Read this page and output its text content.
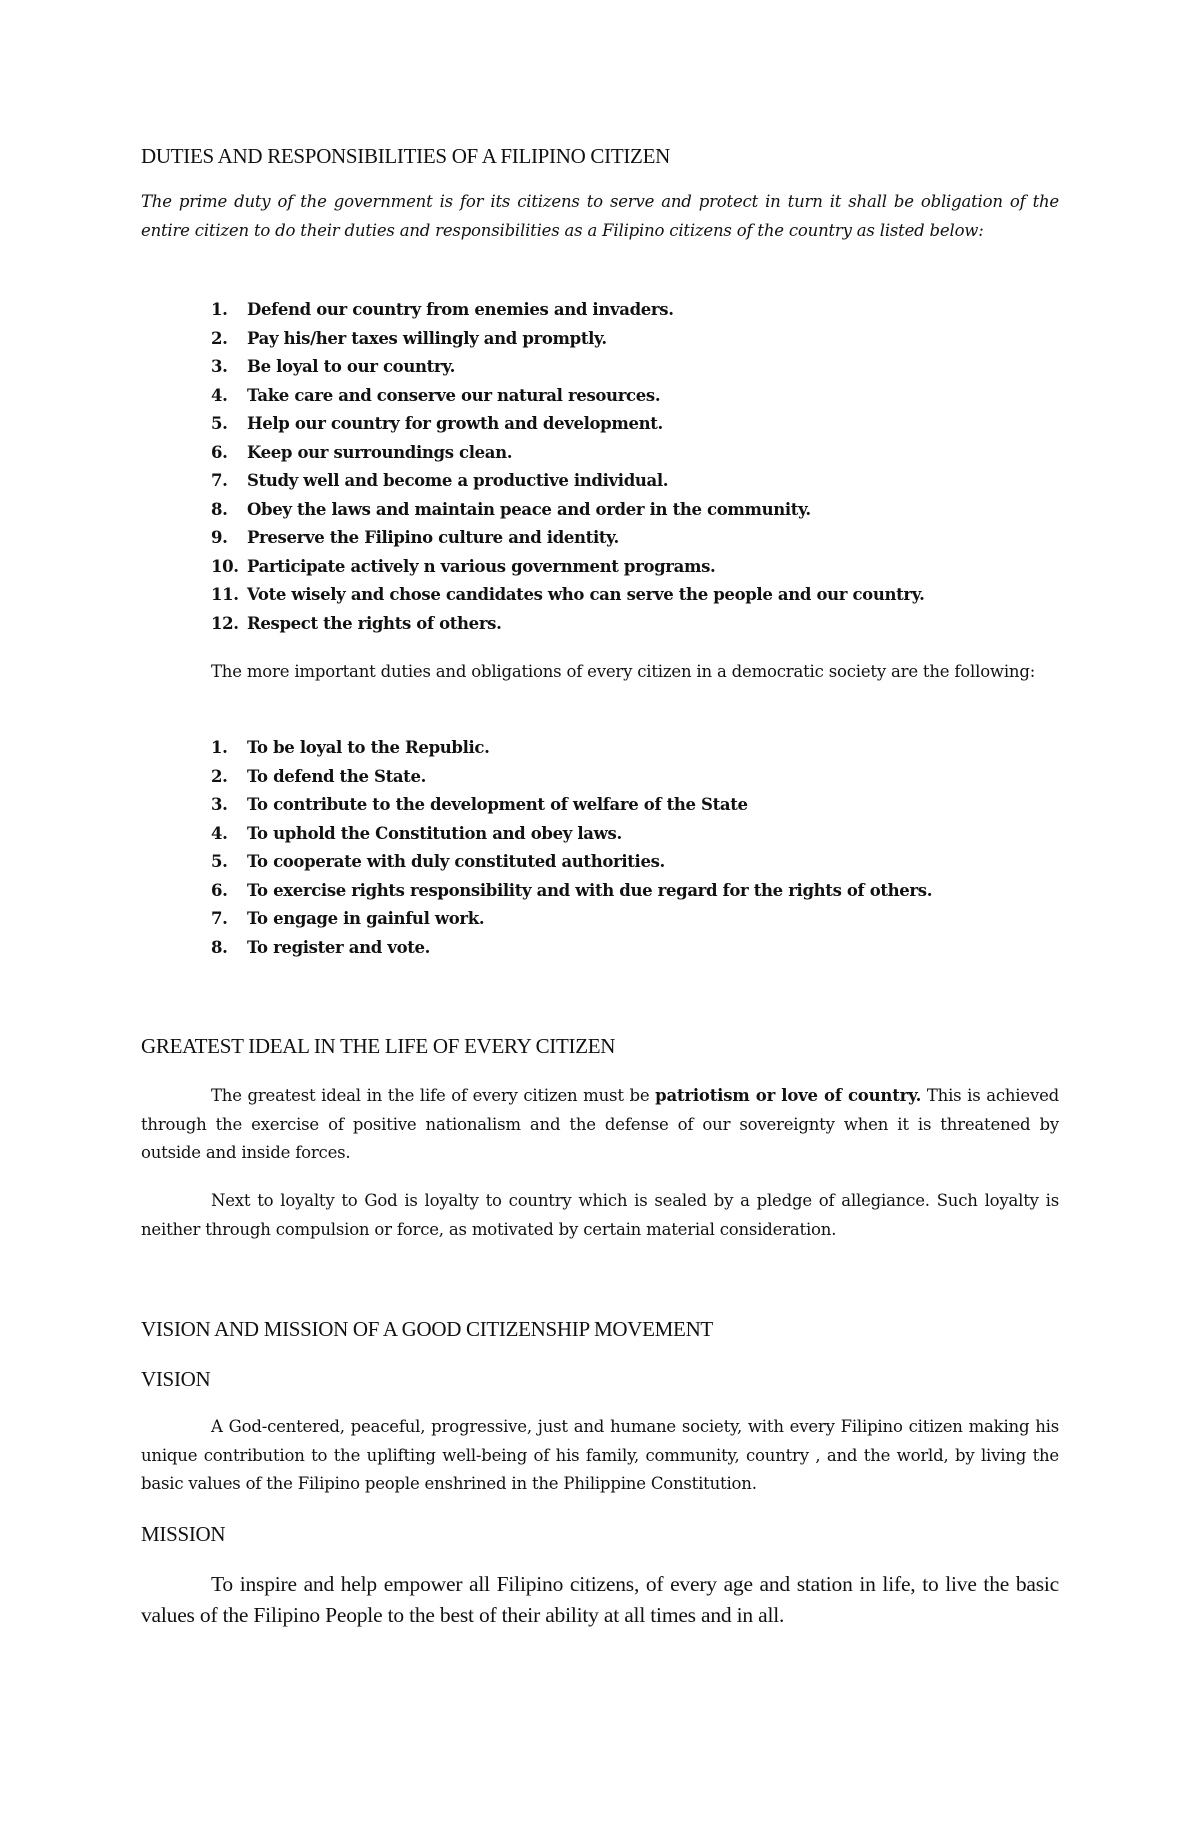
DUTIES AND RESPONSIBILITIES OF A FILIPINO CITIZEN
The prime duty of the government is for its citizens to serve and protect in turn it shall be obligation of the entire citizen to do their duties and responsibilities as a Filipino citizens of the country as listed below:
1. Defend our country from enemies and invaders.
2. Pay his/her taxes willingly and promptly.
3. Be loyal to our country.
4. Take care and conserve our natural resources.
5. Help our country for growth and development.
6. Keep our surroundings clean.
7. Study well and become a productive individual.
8. Obey the laws and maintain peace and order in the community.
9. Preserve the Filipino culture and identity.
10. Participate actively n various government programs.
11. Vote wisely and chose candidates who can serve the people and our country.
12. Respect the rights of others.
The more important duties and obligations of every citizen in a democratic society are the following:
1. To be loyal to the Republic.
2. To defend the State.
3. To contribute to the development of welfare of the State
4. To uphold the Constitution and obey laws.
5. To cooperate with duly constituted authorities.
6. To exercise rights responsibility and with due regard for the rights of others.
7. To engage in gainful work.
8. To register and vote.
GREATEST IDEAL IN THE LIFE OF EVERY CITIZEN
The greatest ideal in the life of every citizen must be patriotism or love of country. This is achieved through the exercise of positive nationalism and the defense of our sovereignty when it is threatened by outside and inside forces.
Next to loyalty to God is loyalty to country which is sealed by a pledge of allegiance. Such loyalty is neither through compulsion or force, as motivated by certain material consideration.
VISION AND MISSION OF A GOOD CITIZENSHIP MOVEMENT
VISION
A God-centered, peaceful, progressive, just and humane society, with every Filipino citizen making his unique contribution to the uplifting well-being of his family, community, country , and the world, by living the basic values of the Filipino people enshrined in the Philippine Constitution.
MISSION
To inspire and help empower all Filipino citizens, of every age and station in life, to live the basic values of the Filipino People to the best of their ability at all times and in all.
